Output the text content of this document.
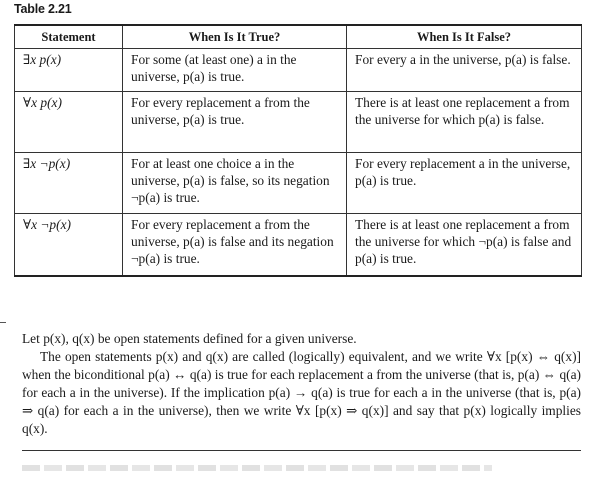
Table 2.21
Statement	When Is It True?	When Is It False?
∃x p(x)	For some (at least one) a in the universe, p(a) is true.	For every a in the universe, p(a) is false.
∀x p(x)	For every replacement a from the universe, p(a) is true.	There is at least one replacement a from the universe for which p(a) is false.
∃x ¬p(x)	For at least one choice a in the universe, p(a) is false, so its negation ¬p(a) is true.	For every replacement a in the universe, p(a) is true.
∀x ¬p(x)	For every replacement a from the universe, p(a) is false and its negation ¬p(a) is true.	There is at least one replacement a from the universe for which ¬p(a) is false and p(a) is true.

Let p(x), q(x) be open statements defined for a given universe.

The open statements p(x) and q(x) are called (logically) equivalent, and we write ∀x [p(x) ⇔ q(x)] when the biconditional p(a) ↔ q(a) is true for each replacement a from the universe (that is, p(a) ⇔ q(a) for each a in the universe). If the implication p(a) → q(a) is true for each a in the universe (that is, p(a) ⇒ q(a) for each a in the universe), then we write ∀x [p(x) ⇒ q(x)] and say that p(x) logically implies q(x).
